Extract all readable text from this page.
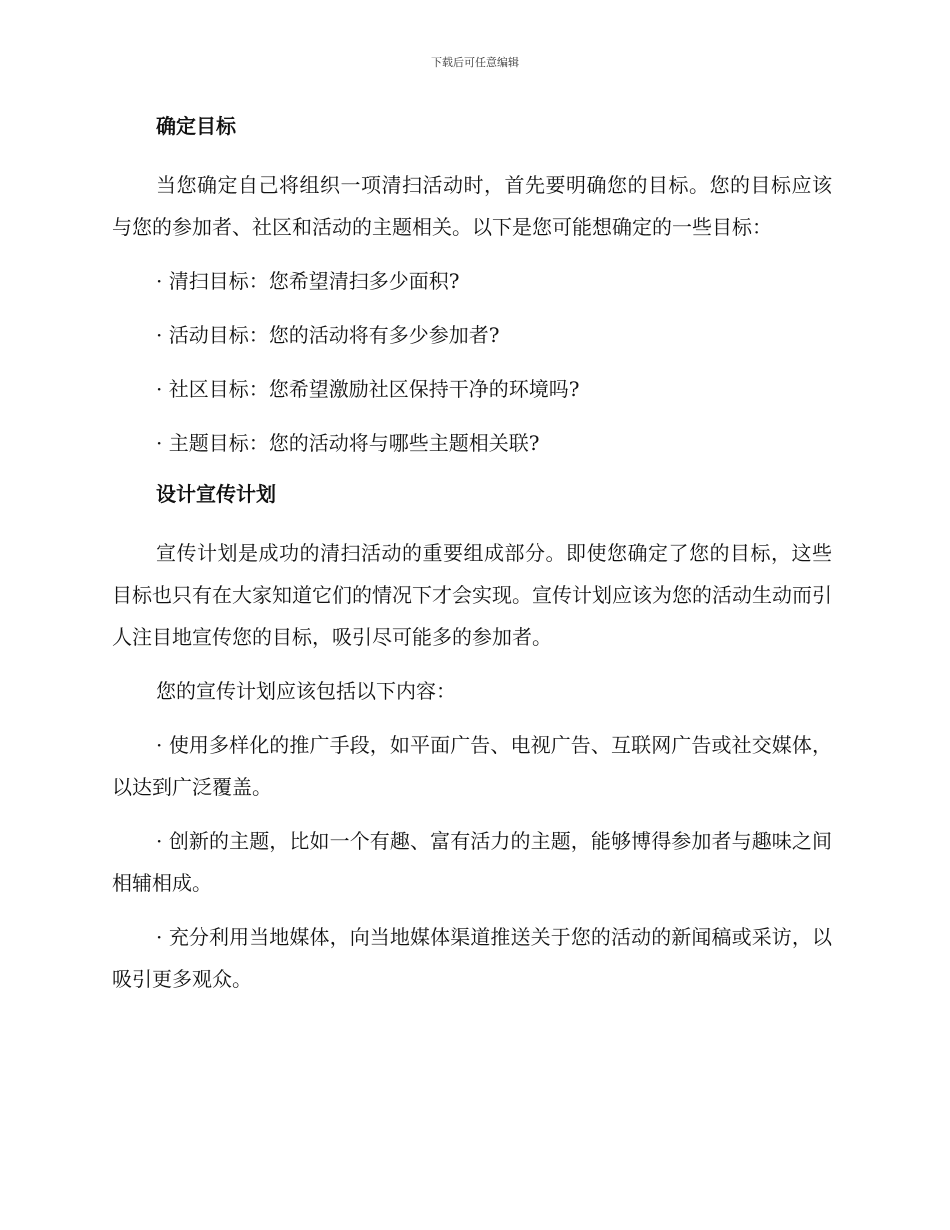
下载后可任意编辑
确定目标

当您确定自己将组织一项清扫活动时，首先要明确您的目标。您的目标应该与您的参加者、社区和活动的主题相关。以下是您可能想确定的一些目标：

· 清扫目标：您希望清扫多少面积?

· 活动目标：您的活动将有多少参加者?

· 社区目标：您希望激励社区保持干净的环境吗?

· 主题目标：您的活动将与哪些主题相关联?

设计宣传计划

宣传计划是成功的清扫活动的重要组成部分。即使您确定了您的目标，这些目标也只有在大家知道它们的情况下才会实现。宣传计划应该为您的活动生动而引人注目地宣传您的目标，吸引尽可能多的参加者。

您的宣传计划应该包括以下内容：

· 使用多样化的推广手段，如平面广告、电视广告、互联网广告或社交媒体，以达到广泛覆盖。

· 创新的主题，比如一个有趣、富有活力的主题，能够博得参加者与趣味之间相辅相成。

· 充分利用当地媒体，向当地媒体渠道推送关于您的活动的新闻稿或采访，以吸引更多观众。
